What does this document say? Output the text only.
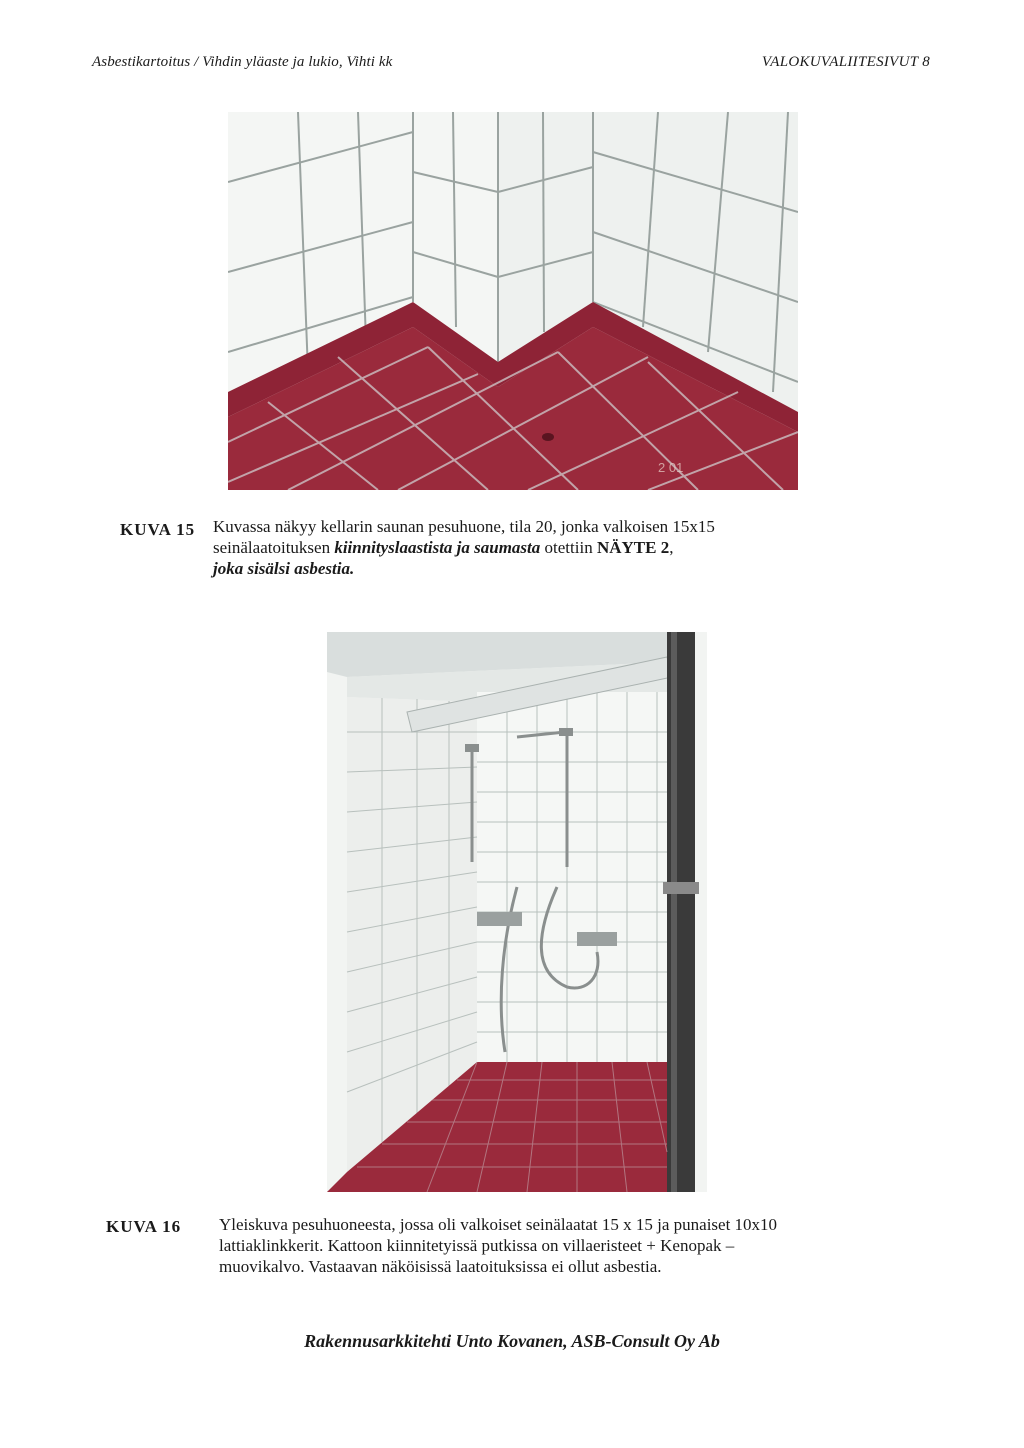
Asbestikartoitus / Vihdin yläaste ja lukio, Vihti kk	VALOKUVALIITESIVUT 8
2 01
KUVA 15 Kuvassa näkyy kellarin saunan pesuhuone, tila 20, jonka valkoisen 15x15
seinälaatoituksen kiinnityslaastista ja saumasta otettiin NÄYTE 2,
joka sisälsi asbestia.
KUVA 16 Yleiskuva pesuhuoneesta, jossa oli valkoiset seinälaatat 15 x 15 ja punaiset 10x10
lattiaklinkkerit. Kattoon kiinnitetyissä putkissa on villaeristeet + Kenopak –
muovikalvo. Vastaavan näköisissä laatoituksissa ei ollut asbestia.
Rakennusarkkitehti Unto Kovanen, ASB-Consult Oy Ab
